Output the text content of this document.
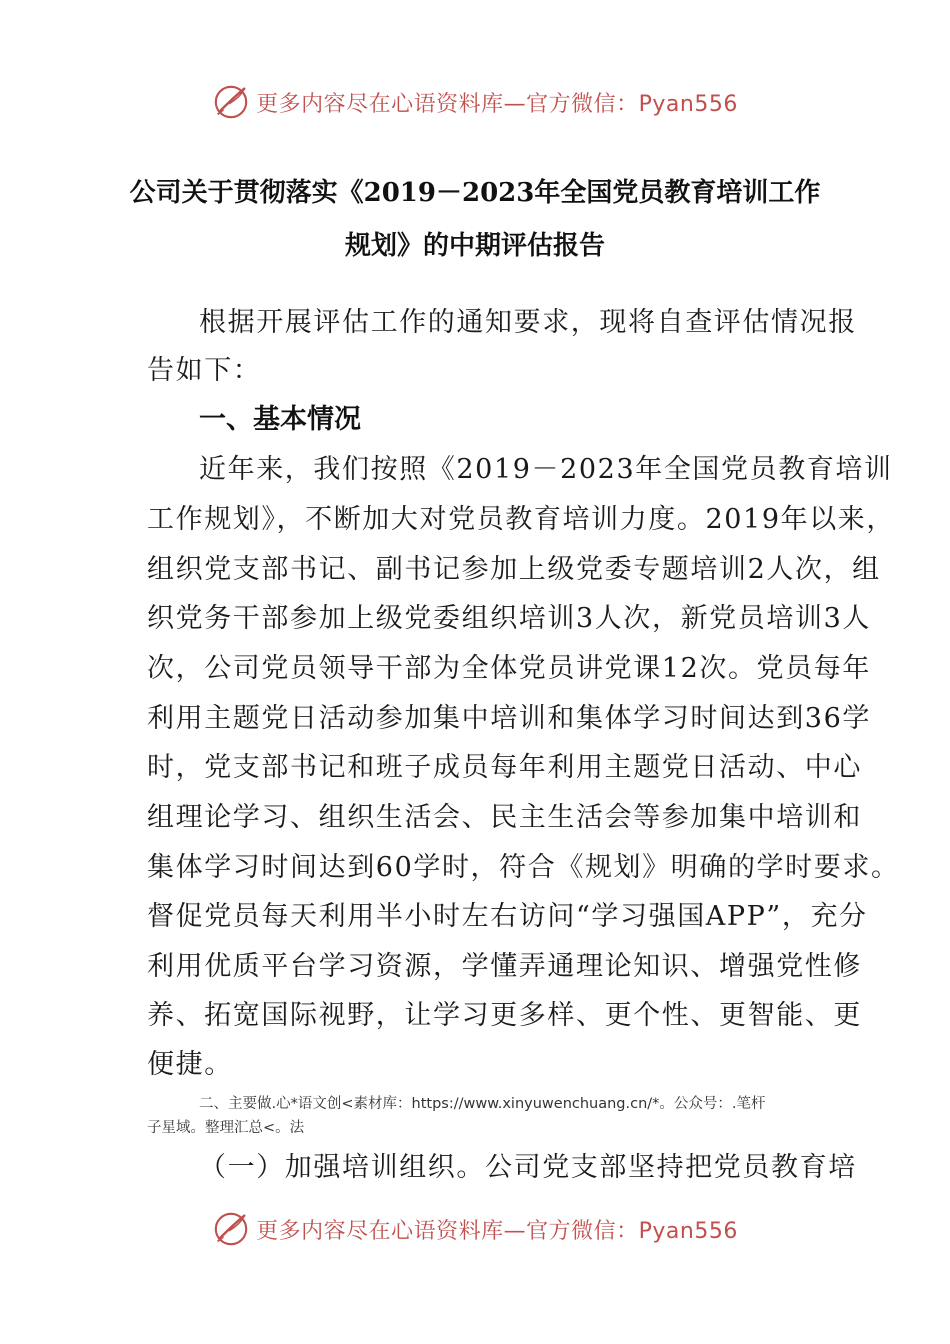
更多内容尽在心语资料库—官方微信：Pyan556
公司关于贯彻落实《2019－2023年全国党员教育培训工作
规划》的中期评估报告
根据开展评估工作的通知要求，现将自查评估情况报
告如下：
一、基本情况
近年来，我们按照《2019－2023年全国党员教育培训
工作规划》，不断加大对党员教育培训力度。2019年以来，
组织党支部书记、副书记参加上级党委专题培训2人次，组
织党务干部参加上级党委组织培训3人次，新党员培训3人
次，公司党员领导干部为全体党员讲党课12次。党员每年
利用主题党日活动参加集中培训和集体学习时间达到36学
时，党支部书记和班子成员每年利用主题党日活动、中心
组理论学习、组织生活会、民主生活会等参加集中培训和
集体学习时间达到60学时，符合《规划》明确的学时要求。
督促党员每天利用半小时左右访问“学习强国APP”，充分
利用优质平台学习资源，学懂弄通理论知识、增强党性修
养、拓宽国际视野，让学习更多样、更个性、更智能、更
便捷。
二、主要做.心*语文创<素材库：https://www.xinyuwenchuang.cn/*。公众号：.笔杆
子星域。整理汇总<。法
（一）加强培训组织。公司党支部坚持把党员教育培
更多内容尽在心语资料库—官方微信：Pyan556
